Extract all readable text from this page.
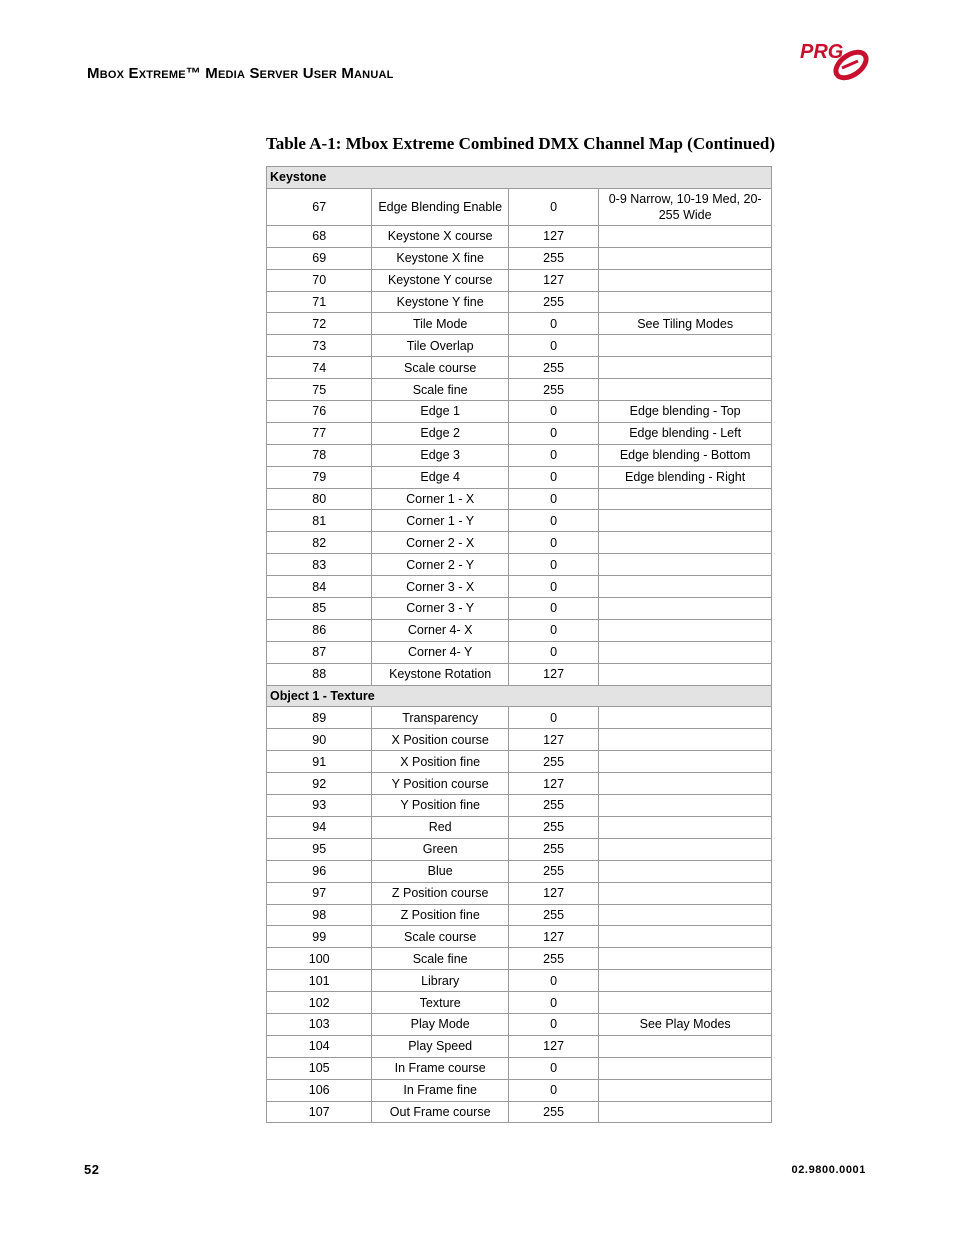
Mbox Extreme™ Media Server User Manual
PRG
Table A-1: Mbox Extreme Combined DMX Channel Map (Continued)
Keystone			
67	Edge Blending Enable	0	0-9 Narrow, 10-19 Med, 20-255 Wide
68	Keystone X course	127	
69	Keystone X fine	255	
70	Keystone Y course	127	
71	Keystone Y fine	255	
72	Tile Mode	0	See Tiling Modes
73	Tile Overlap	0	
74	Scale course	255	
75	Scale fine	255	
76	Edge 1	0	Edge blending - Top
77	Edge 2	0	Edge blending - Left
78	Edge 3	0	Edge blending - Bottom
79	Edge 4	0	Edge blending - Right
80	Corner 1 - X	0	
81	Corner 1 - Y	0	
82	Corner 2 - X	0	
83	Corner 2 - Y	0	
84	Corner 3 - X	0	
85	Corner 3 - Y	0	
86	Corner 4- X	0	
87	Corner 4- Y	0	
88	Keystone Rotation	127	
Object 1 - Texture			
89	Transparency	0	
90	X Position course	127	
91	X Position fine	255	
92	Y Position course	127	
93	Y Position fine	255	
94	Red	255	
95	Green	255	
96	Blue	255	
97	Z Position course	127	
98	Z Position fine	255	
99	Scale course	127	
100	Scale fine	255	
101	Library	0	
102	Texture	0	
103	Play Mode	0	See Play Modes
104	Play Speed	127	
105	In Frame course	0	
106	In Frame fine	0	
107	Out Frame course	255	
52	02.9800.0001
